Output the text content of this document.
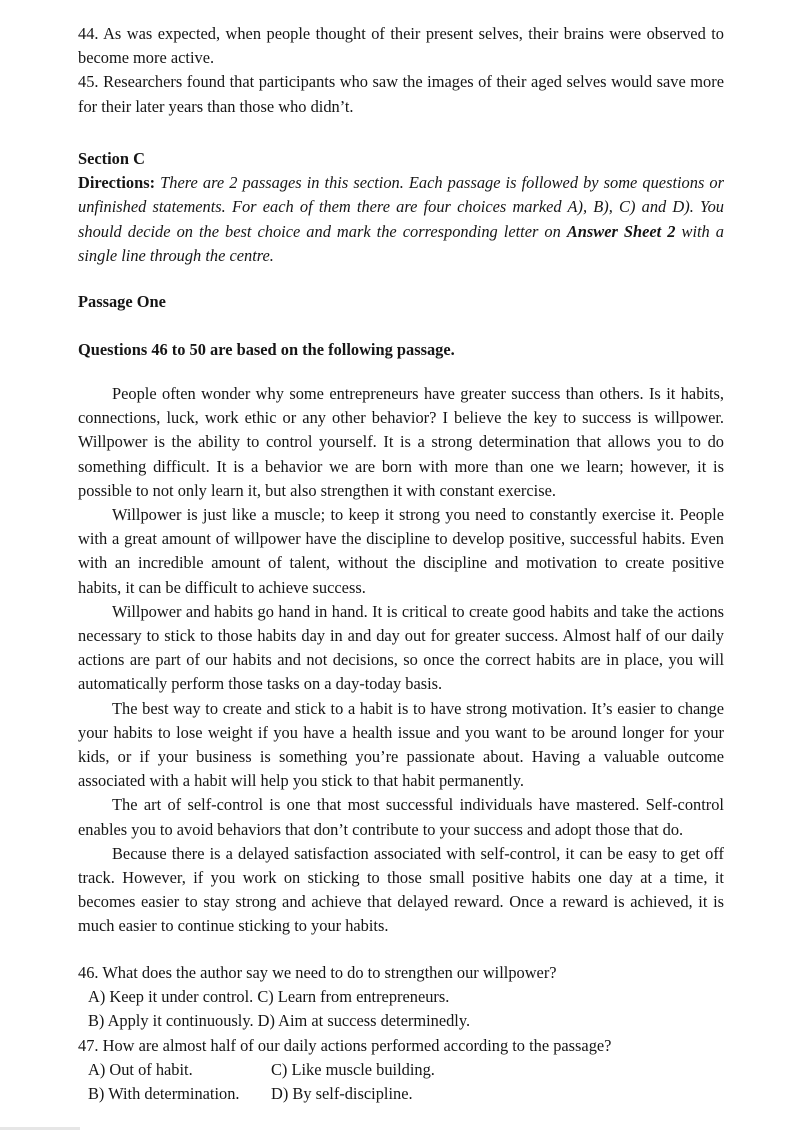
44. As was expected, when people thought of their present selves, their brains were observed to become more active.

45. Researchers found that participants who saw the images of their aged selves would save more for their later years than those who didn’t.

Section C

Directions: There are 2 passages in this section. Each passage is followed by some questions or unfinished statements. For each of them there are four choices marked A), B), C) and D). You should decide on the best choice and mark the corresponding letter on Answer Sheet 2 with a single line through the centre.

Passage One

Questions 46 to 50 are based on the following passage.

People often wonder why some entrepreneurs have greater success than others. Is it habits, connections, luck, work ethic or any other behavior? I believe the key to success is willpower. Willpower is the ability to control yourself. It is a strong determination that allows you to do something difficult. It is a behavior we are born with more than one we learn; however, it is possible to not only learn it, but also strengthen it with constant exercise.

Willpower is just like a muscle; to keep it strong you need to constantly exercise it. People with a great amount of willpower have the discipline to develop positive, successful habits. Even with an incredible amount of talent, without the discipline and motivation to create positive habits, it can be difficult to achieve success.

Willpower and habits go hand in hand. It is critical to create good habits and take the actions necessary to stick to those habits day in and day out for greater success. Almost half of our daily actions are part of our habits and not decisions, so once the correct habits are in place, you will automatically perform those tasks on a day-today basis.

The best way to create and stick to a habit is to have strong motivation. It’s easier to change your habits to lose weight if you have a health issue and you want to be around longer for your kids, or if your business is something you’re passionate about. Having a valuable outcome associated with a habit will help you stick to that habit permanently.

The art of self-control is one that most successful individuals have mastered. Self-control enables you to avoid behaviors that don’t contribute to your success and adopt those that do.

Because there is a delayed satisfaction associated with self-control, it can be easy to get off track. However, if you work on sticking to those small positive habits one day at a time, it becomes easier to stay strong and achieve that delayed reward. Once a reward is achieved, it is much easier to continue sticking to your habits.

46. What does the author say we need to do to strengthen our willpower?
A) Keep it under control. C) Learn from entrepreneurs.
B) Apply it continuously. D) Aim at success determinedly.
47. How are almost half of our daily actions performed according to the passage?
A) Out of habit.	C) Like muscle building.
B) With determination.	D) By self-discipline.
